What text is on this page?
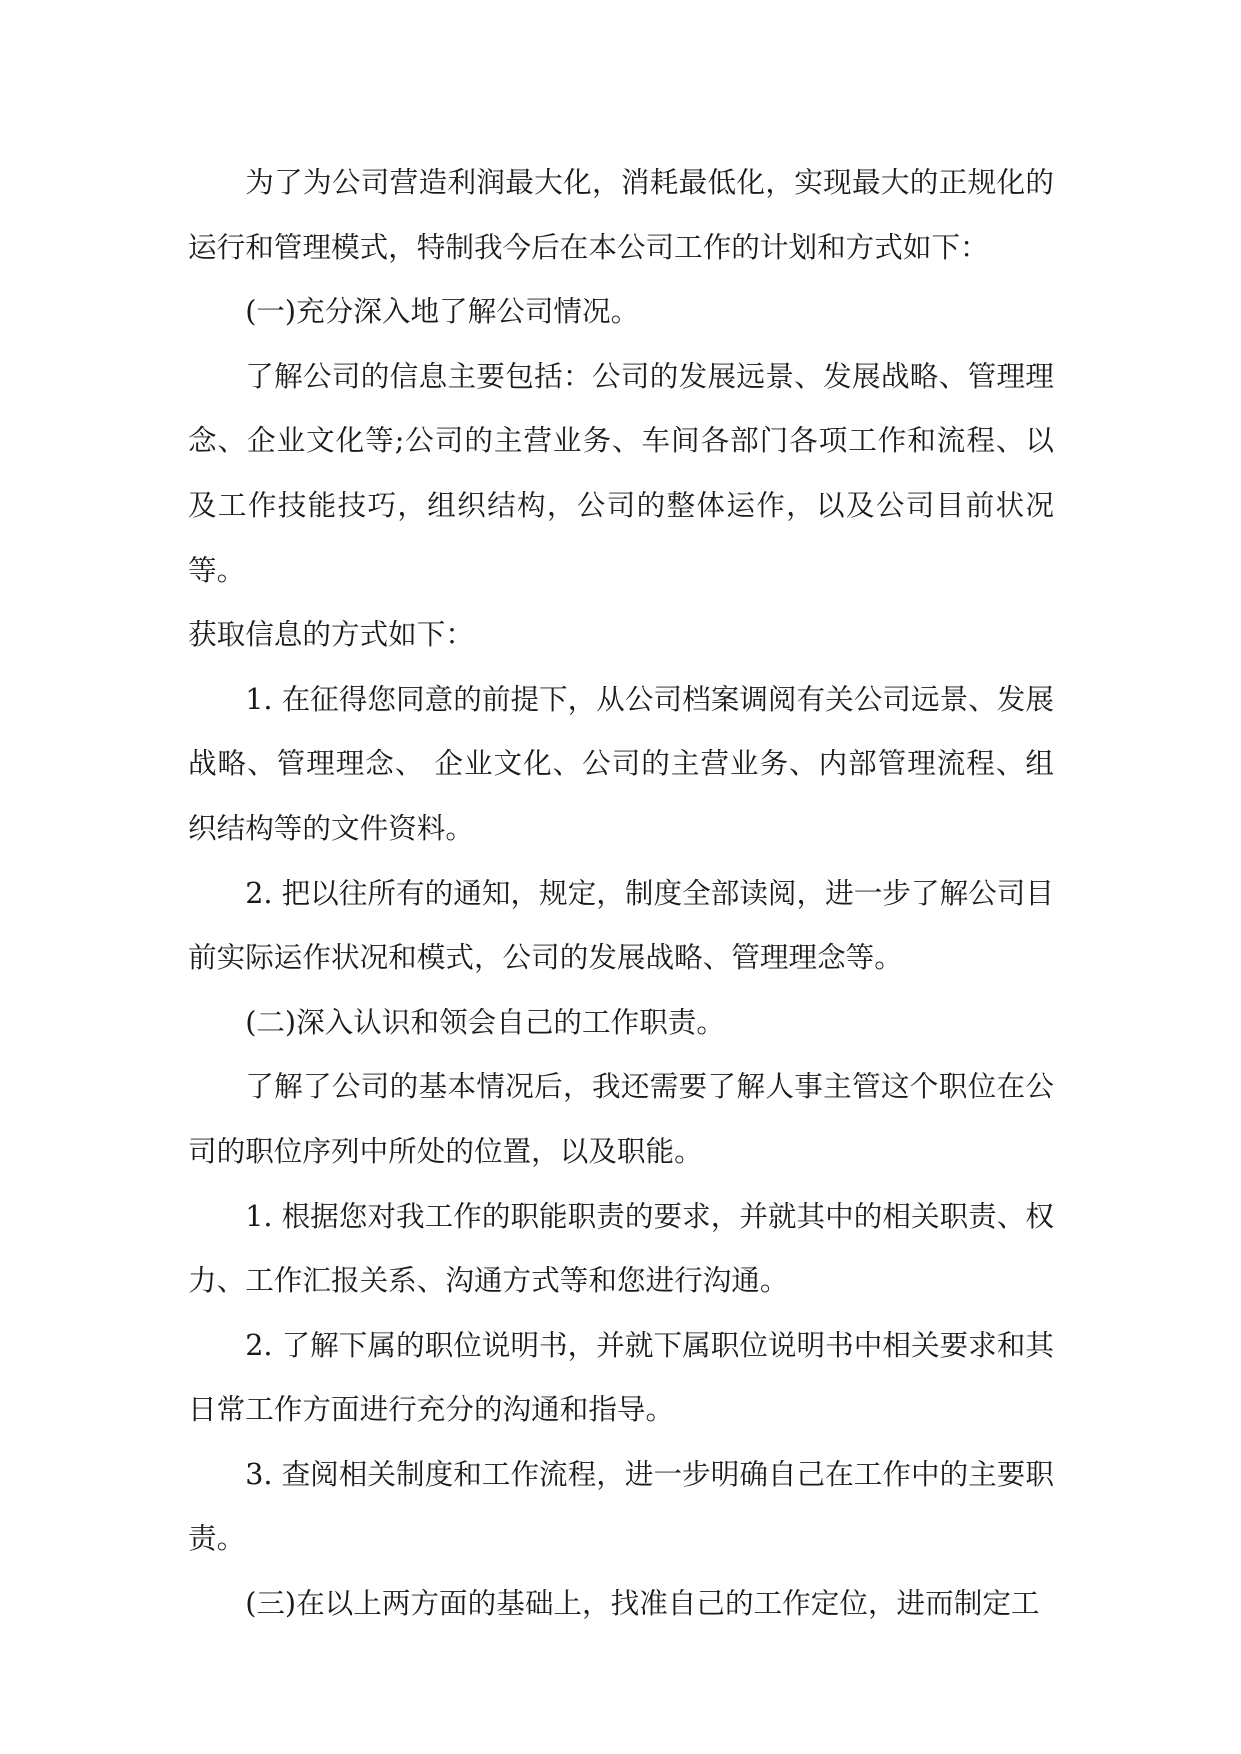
为了为公司营造利润最大化，消耗最低化，实现最大的正规化的运行和管理模式，特制我今后在本公司工作的计划和方式如下：

(一)充分深入地了解公司情况。

了解公司的信息主要包括：公司的发展远景、发展战略、管理理念、企业文化等;公司的主营业务、车间各部门各项工作和流程、以及工作技能技巧，组织结构，公司的整体运作，以及公司目前状况等。

获取信息的方式如下：

1. 在征得您同意的前提下，从公司档案调阅有关公司远景、发展战略、管理理念、 企业文化、公司的主营业务、内部管理流程、组织结构等的文件资料。

2. 把以往所有的通知，规定，制度全部读阅，进一步了解公司目前实际运作状况和模式，公司的发展战略、管理理念等。

(二)深入认识和领会自己的工作职责。

了解了公司的基本情况后，我还需要了解人事主管这个职位在公司的职位序列中所处的位置，以及职能。

1. 根据您对我工作的职能职责的要求，并就其中的相关职责、权力、工作汇报关系、沟通方式等和您进行沟通。

2. 了解下属的职位说明书，并就下属职位说明书中相关要求和其日常工作方面进行充分的沟通和指导。

3. 查阅相关制度和工作流程，进一步明确自己在工作中的主要职责。

(三)在以上两方面的基础上，找准自己的工作定位，进而制定工
